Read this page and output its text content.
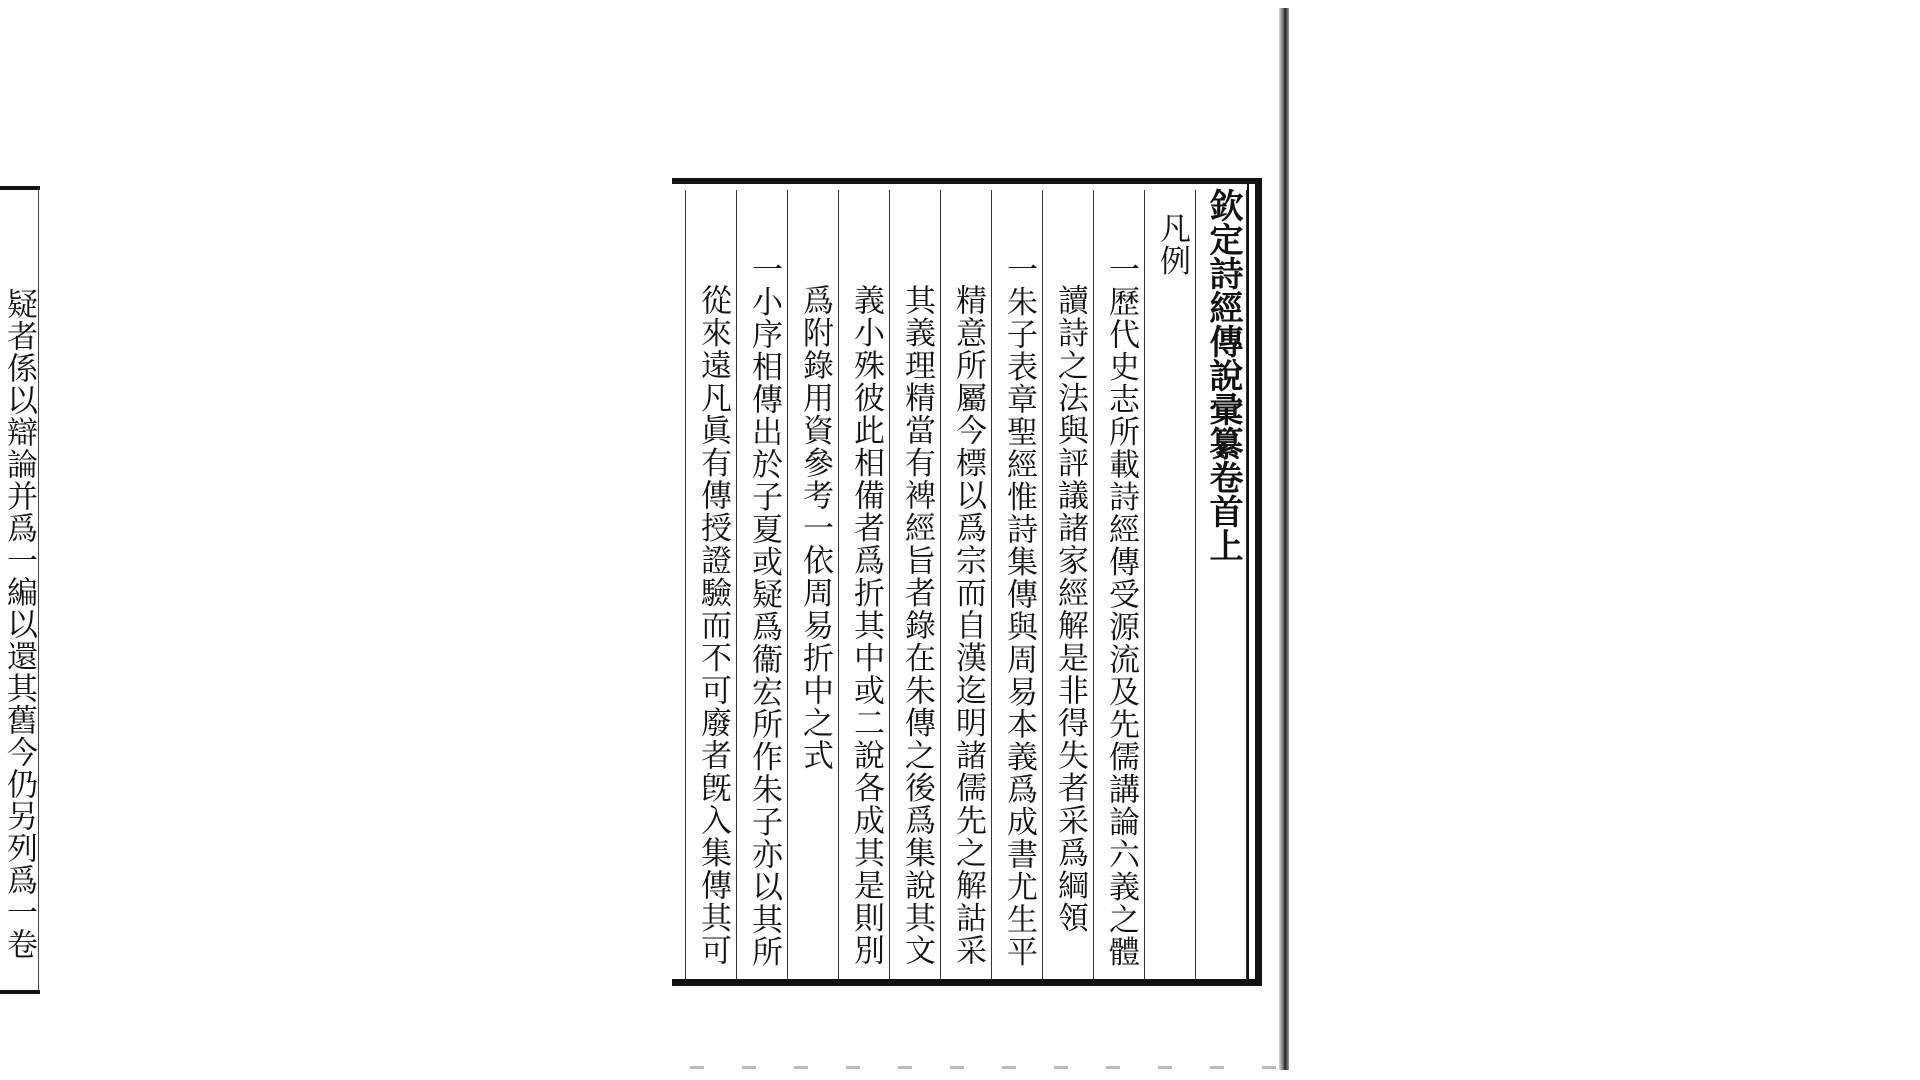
疑者係以辯論并爲一編以還其舊今仍另列爲一卷	欽定詩經傳說彚纂卷首上
凡例
一歷代史志所載詩經傳受源流及先儒講論六義之體
讀詩之法與評議諸家經解是非得失者采爲綱領
一朱子表章聖經惟詩集傳與周易本義爲成書尤生平
精意所屬今標以爲宗而自漢迄明諸儒先之解詁采
其義理精當有裨經旨者錄在朱傳之後爲集說其文
義小殊彼此相備者爲折其中或二說各成其是則別
爲附錄用資參考一依周易折中之式
一小序相傳出於子夏或疑爲衞宏所作朱子亦以其所
從來遠凡眞有傳授證驗而不可廢者旣入集傳其可
